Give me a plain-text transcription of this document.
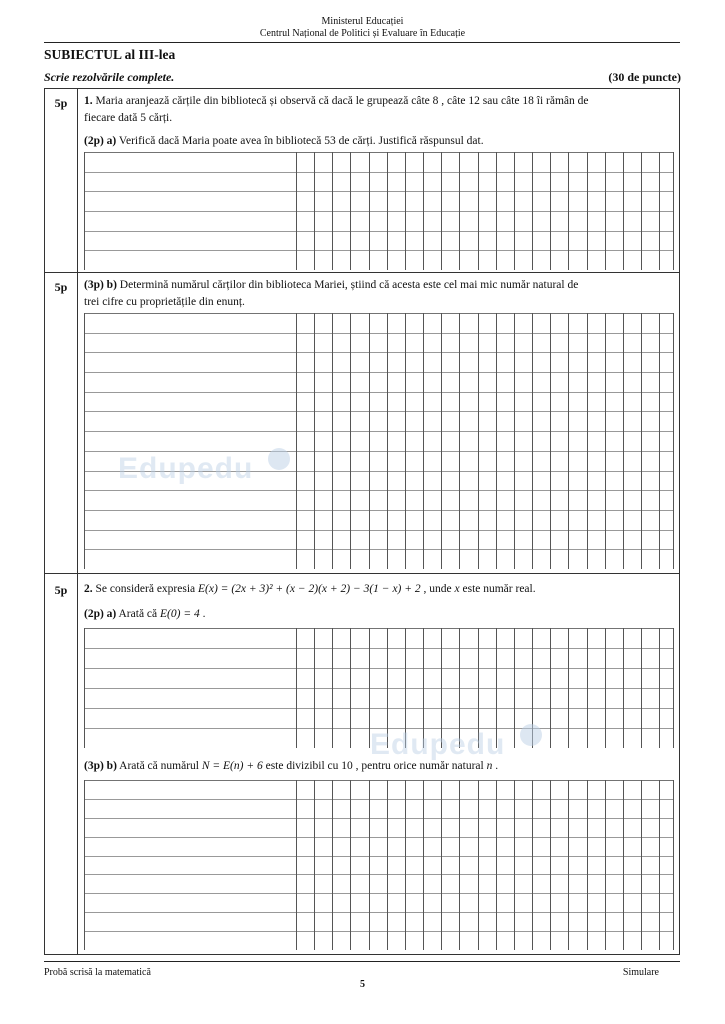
Ministerul Educației
Centrul Național de Politici și Evaluare în Educație
SUBIECTUL al III-lea
Scrie rezolvările complete.	(30 de puncte)
5p	1. Maria aranjează cărțile din bibliotecă și observă că dacă le grupează câte 8 , câte 12 sau câte 18 îi rămân de
fiecare dată 5 cărți.
(2p) a) Verifică dacă Maria poate avea în bibliotecă 53 de cărți. Justifică răspunsul dat.
5p	(3p) b) Determină numărul cărților din biblioteca Mariei, știind că acesta este cel mai mic număr natural de
trei cifre cu proprietățile din enunț.
Edupedu
5p	2. Se consideră expresia E(x) = (2x + 3)² + (x − 2)(x + 2) − 3(1 − x) + 2 , unde x este număr real.
(2p) a) Arată că E(0) = 4 .
Edupedu
(3p) b) Arată că numărul N = E(n) + 6 este divizibil cu 10 , pentru orice număr natural n .
Probă scrisă la matematică	Simulare
5
